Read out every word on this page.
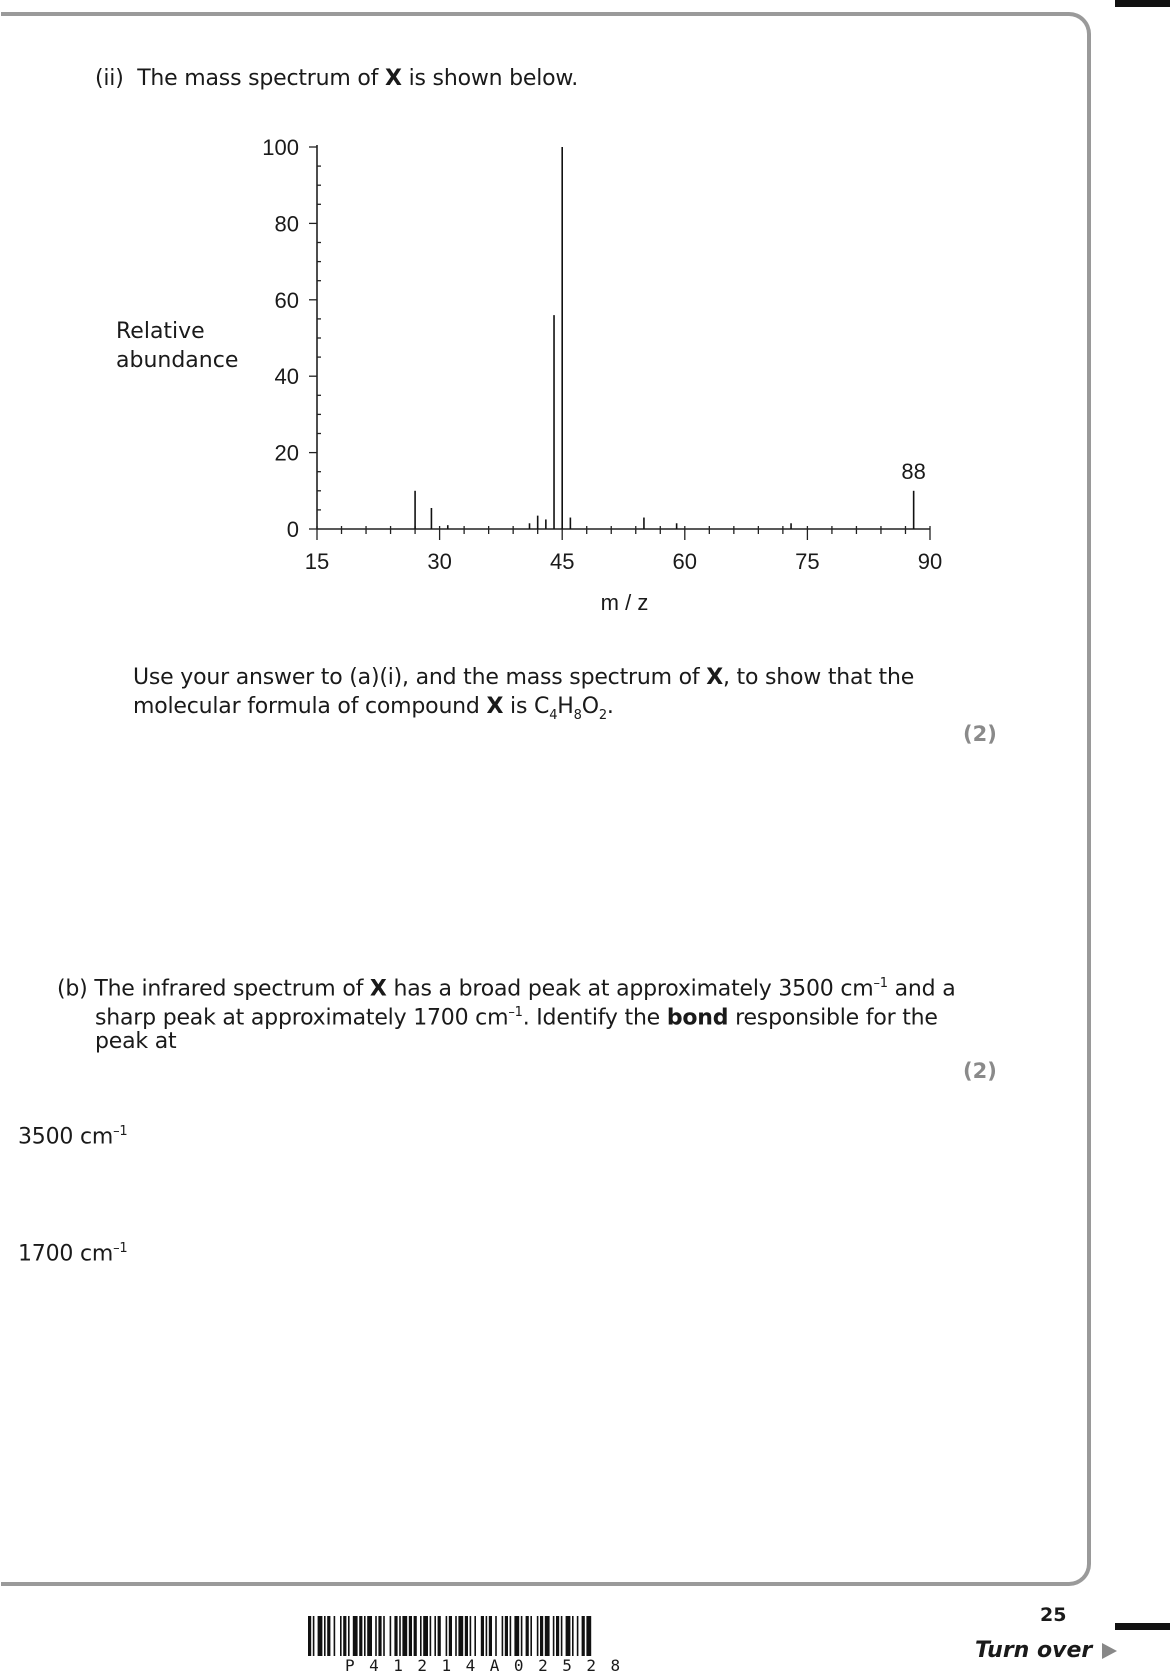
(ii) The mass spectrum of X is shown below.
Relative
abundance
0
20
40
60
80
100
15	30	45	60	75	90
88
m / z
Use your answer to (a)(i), and the mass spectrum of X, to show that the
molecular formula of compound X is $C_4H_8O_2$.
(2)
(b) The infrared spectrum of X has a broad peak at approximately 3500 $cm^{-1}$ and a
sharp peak at approximately 1700 $cm^{-1}$. Identify the bond responsible for the
peak at
(2)
3500 $cm^{-1}$
1700 $cm^{-1}$
P41214A02528
25
Turn over
